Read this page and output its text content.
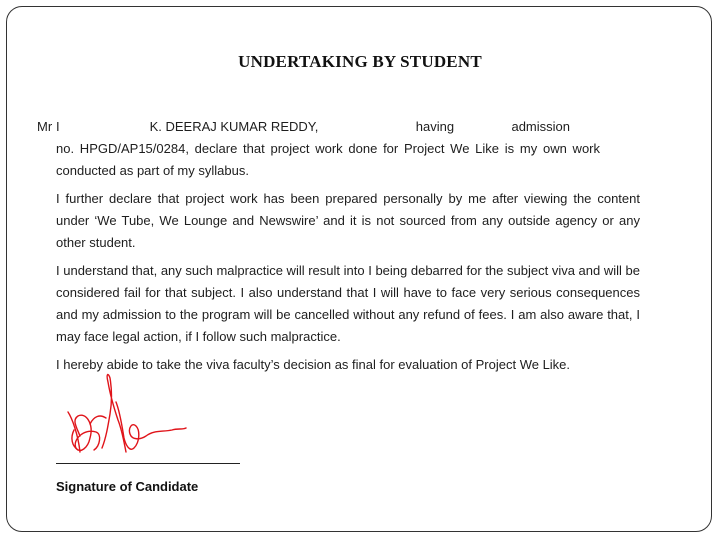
UNDERTAKING BY STUDENT
I
Mr	K. DEERAJ KUMAR REDDY,	having	admission

no. HPGD/AP15/0284, declare that project work done for Project We Like is my own work conducted as part of my syllabus.

I further declare that project work has been prepared personally by me after viewing the content under ‘We Tube, We Lounge and Newswire’ and it is not sourced from any outside agency or any other student.

I understand that, any such malpractice will result into I being debarred for the subject viva and will be considered fail for that subject. I also understand that I will have to face very serious consequences and my admission to the program will be cancelled without any refund of fees. I am also aware that, I may face legal action, if I follow such malpractice.

I hereby abide to take the viva faculty’s decision as final for evaluation of Project We Like.

Signature of Candidate
